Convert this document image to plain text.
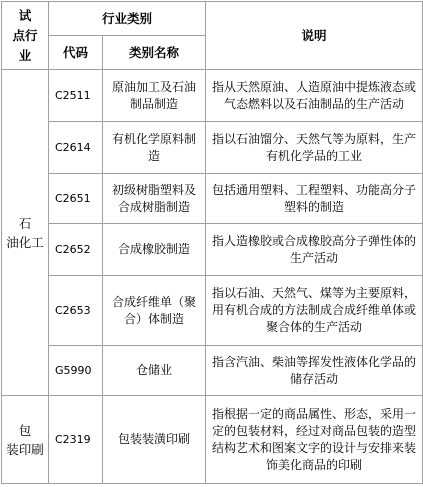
试
点行
业	行业类别		说明
	代码	类别名称	

石
油化工	C2511	原油加工及石油制品制造	指从天然原油、人造原油中提炼液态或气态燃料以及石油制品的生产活动
	C2614	有机化学原料制造	指以石油馏分、天然气等为原料，生产有机化学品的工业
	C2651	初级树脂塑料及合成树脂制造	包括通用塑料、工程塑料、功能高分子塑料的制造
	C2652	合成橡胶制造	指人造橡胶或合成橡胶高分子弹性体的生产活动
	C2653	合成纤维单（聚合）体制造	指以石油、天然气、煤等为主要原料，用有机合成的方法制成合成纤维单体或聚合体的生产活动
	G5990	仓储业	指含汽油、柴油等挥发性液体化学品的储存活动

包
装印刷	C2319	包装装潢印刷	指根据一定的商品属性、形态，采用一定的包装材料，经过对商品包装的造型结构艺术和图案文字的设计与安排来装饰美化商品的印刷
